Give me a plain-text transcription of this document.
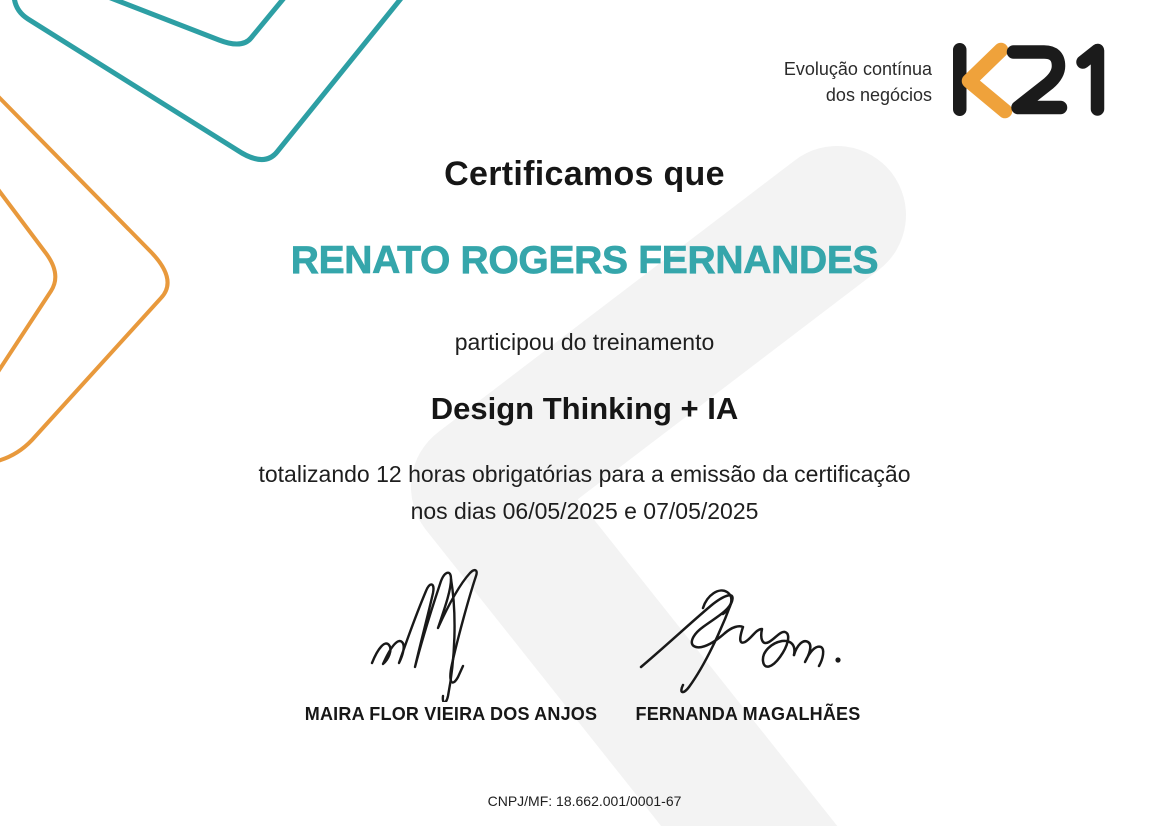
Evolução contínua
dos negócios
Certificamos que
RENATO ROGERS FERNANDES
participou do treinamento
Design Thinking + IA
totalizando 12 horas obrigatórias para a emissão da certificação
nos dias 06/05/2025 e 07/05/2025
MAIRA FLOR VIEIRA DOS ANJOS	FERNANDA MAGALHÃES
CNPJ/MF: 18.662.001/0001-67
